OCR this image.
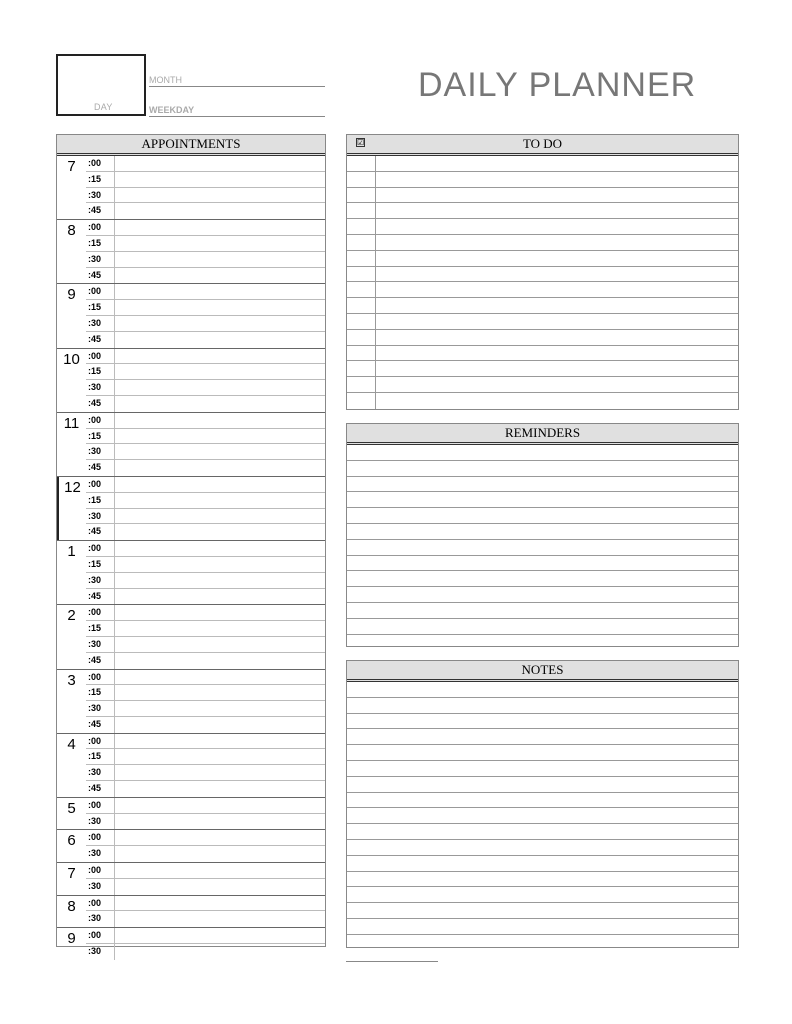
DAY
MONTH
WEEKDAY
DAILY PLANNER
APPOINTMENTS
7	:00
:15
:30
:45
8	:00
:15
:30
:45
9	:00
:15
:30
:45
10 :00
:15
:30
:45
11 :00
:15
:30
:45
12 :00
:15
:30
:45
1	:00
:15
:30
:45
2	:00
:15
:30
:45
3	:00
:15
:30
:45
4	:00
:15
:30
:45
5	:00
:30
6	:00
:30
7	:00
:30
8	:00
:30
9	:00
:30
☑	TO DO
REMINDERS
NOTES
